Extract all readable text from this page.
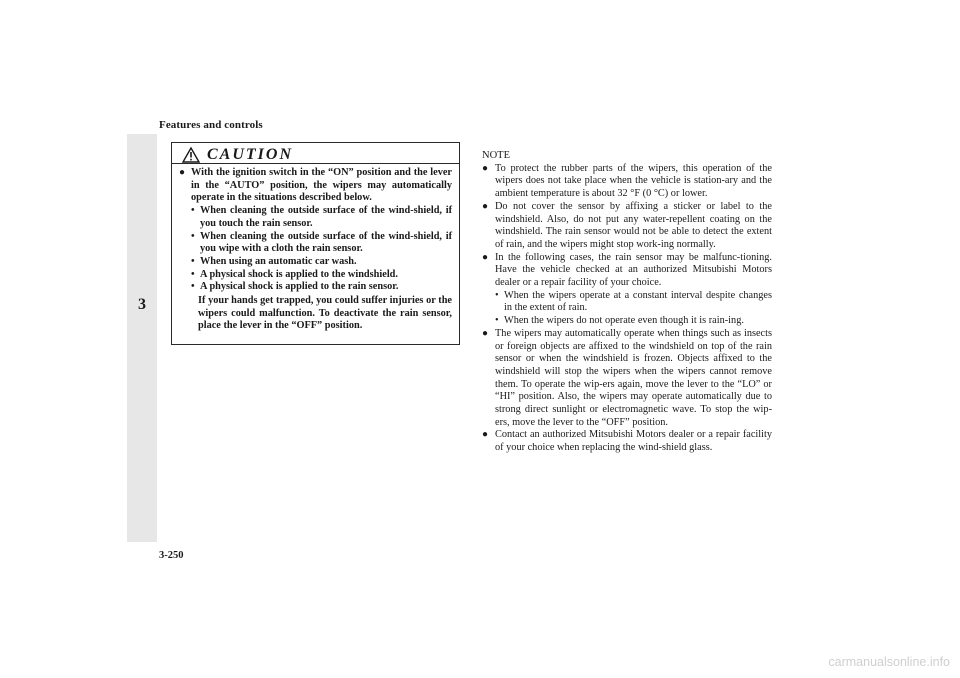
Features and controls
3
CAUTION
● With the ignition switch in the “ON” position and the lever in the “AUTO” position, the wipers may automatically operate in the situations described below.
• When cleaning the outside surface of the wind-shield, if you touch the rain sensor.
• When cleaning the outside surface of the wind-shield, if you wipe with a cloth the rain sensor.
• When using an automatic car wash.
• A physical shock is applied to the windshield.
• A physical shock is applied to the rain sensor.
If your hands get trapped, you could suffer injuries or the wipers could malfunction. To deactivate the rain sensor, place the lever in the “OFF” position.
NOTE
● To protect the rubber parts of the wipers, this operation of the wipers does not take place when the vehicle is station-ary and the ambient temperature is about 32 °F (0 °C) or lower.
● Do not cover the sensor by affixing a sticker or label to the windshield. Also, do not put any water-repellent coating on the windshield. The rain sensor would not be able to detect the extent of rain, and the wipers might stop work-ing normally.
● In the following cases, the rain sensor may be malfunc-tioning. Have the vehicle checked at an authorized Mitsubishi Motors dealer or a repair facility of your choice.
• When the wipers operate at a constant interval despite changes in the extent of rain.
• When the wipers do not operate even though it is rain-ing.
● The wipers may automatically operate when things such as insects or foreign objects are affixed to the windshield on top of the rain sensor or when the windshield is frozen. Objects affixed to the windshield will stop the wipers when the wipers cannot remove them. To operate the wip-ers again, move the lever to the “LO” or “HI” position. Also, the wipers may operate automatically due to strong direct sunlight or electromagnetic wave. To stop the wip-ers, move the lever to the “OFF” position.
● Contact an authorized Mitsubishi Motors dealer or a repair facility of your choice when replacing the wind-shield glass.
3-250
carmanualsonline.info
